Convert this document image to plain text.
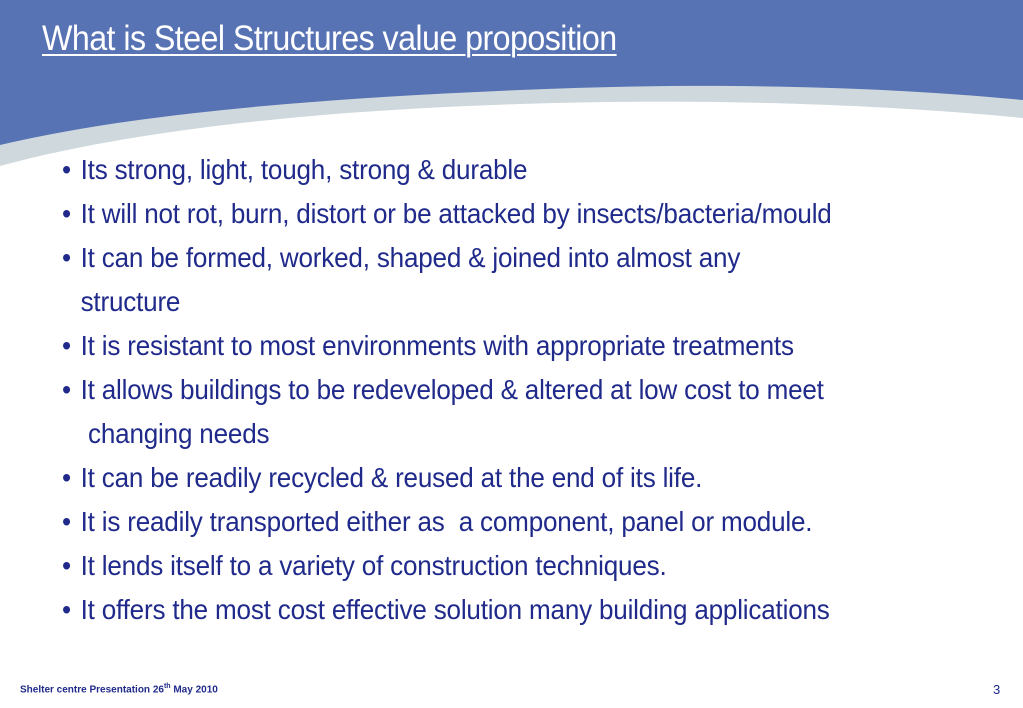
What is Steel Structures value proposition
• Its strong, light, tough, strong & durable
• It will not rot, burn, distort or be attacked by insects/bacteria/mould
• It can be formed, worked, shaped & joined into almost any
structure
• It is resistant to most environments with appropriate treatments
• It allows buildings to be redeveloped & altered at low cost to meet
changing needs
• It can be readily recycled & reused at the end of its life.
• It is readily transported either as  a component, panel or module.
• It lends itself to a variety of construction techniques.
• It offers the most cost effective solution many building applications
Shelter centre Presentation 26th May 2010	3
